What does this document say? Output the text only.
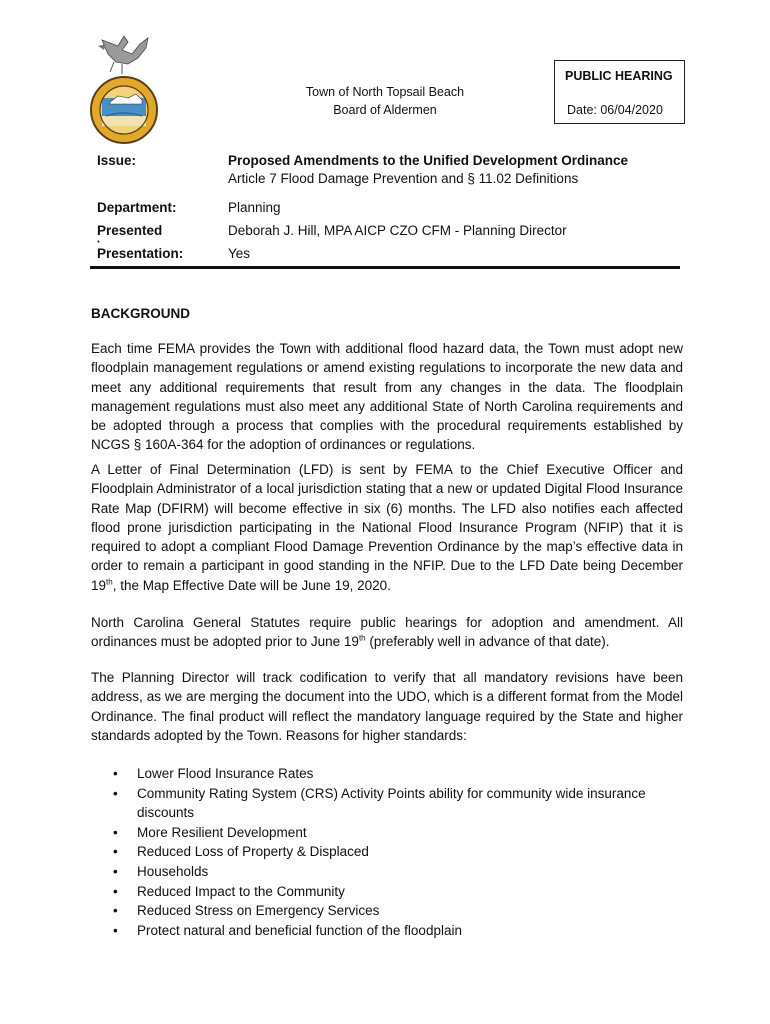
Town of North Topsail Beach
Board of Aldermen
PUBLIC HEARING
Date: 06/04/2020
Issue:	Proposed Amendments to the Unified Development Ordinance
Article 7 Flood Damage Prevention and § 11.02 Definitions
Department:	Planning
Presented	Deborah J. Hill, MPA AICP CZO CFM - Planning Director
Presentation:	Yes
BACKGROUND

Each time FEMA provides the Town with additional flood hazard data, the Town must adopt new floodplain management regulations or amend existing regulations to incorporate the new data and meet any additional requirements that result from any changes in the data. The floodplain management regulations must also meet any additional State of North Carolina requirements and be adopted through a process that complies with the procedural requirements established by NCGS § 160A-364 for the adoption of ordinances or regulations.

A Letter of Final Determination (LFD) is sent by FEMA to the Chief Executive Officer and Floodplain Administrator of a local jurisdiction stating that a new or updated Digital Flood Insurance Rate Map (DFIRM) will become effective in six (6) months. The LFD also notifies each affected flood prone jurisdiction participating in the National Flood Insurance Program (NFIP) that it is required to adopt a compliant Flood Damage Prevention Ordinance by the map’s effective data in order to remain a participant in good standing in the NFIP. Due to the LFD Date being December 19th, the Map Effective Date will be June 19, 2020.

North Carolina General Statutes require public hearings for adoption and amendment. All ordinances must be adopted prior to June 19th (preferably well in advance of that date).

The Planning Director will track codification to verify that all mandatory revisions have been address, as we are merging the document into the UDO, which is a different format from the Model Ordinance. The final product will reflect the mandatory language required by the State and higher standards adopted by the Town. Reasons for higher standards:

• Lower Flood Insurance Rates
• Community Rating System (CRS) Activity Points ability for community wide insurance discounts
• More Resilient Development
• Reduced Loss of Property & Displaced
• Households
• Reduced Impact to the Community
• Reduced Stress on Emergency Services
• Protect natural and beneficial function of the floodplain
